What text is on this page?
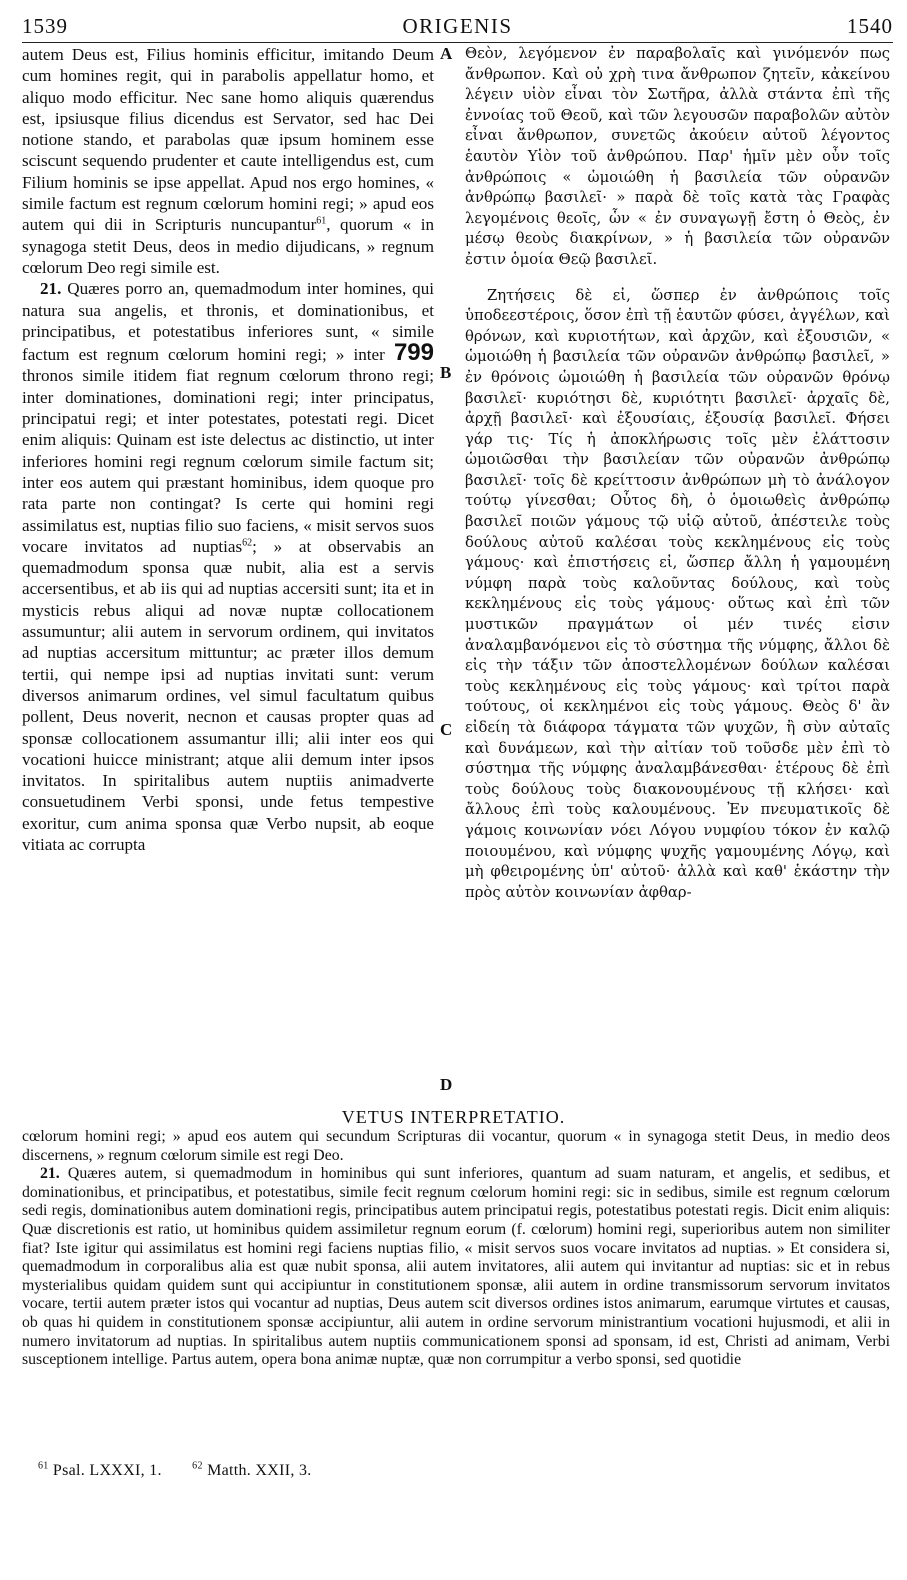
ORIGENIS
1539	1540

autem Deus est, Filius hominis efficitur, imitando Deum cum homines regit, qui in parabolis appellatur homo, et aliquo modo efficitur. Nec sane homo aliquis quærendus est, ipsiusque filius dicendus est Servator, sed hac Dei notione stando, et parabolas quæ ipsum hominem esse sciscunt sequendo prudenter et caute intelligendus est, cum Filium hominis se ipse appellat. Apud nos ergo homines, « simile factum est regnum cœlorum homini regi; » apud eos autem qui dii in Scripturis nuncupantur$^{61}$, quorum « in synagoga stetit Deus, deos in medio dijudicans, » regnum cœlorum Deo regi simile est.

21. Quæres porro an, quemadmodum inter homines, qui natura sua angelis, et thronis, et dominationibus, et principatibus, et potestatibus inferiores sunt, « simile factum est regnum cœlorum homini regi; » inter 799 thronos simile itidem fiat regnum cœlorum throno regi; inter dominationes, dominationi regi; inter principatus, principatui regi; et inter potestates, potestati regi. Dicet enim aliquis: Quinam est iste delectus ac distinctio, ut inter inferiores homini regi regnum cœlorum simile factum sit; inter eos autem qui præstant hominibus, idem quoque pro rata parte non contingat? Is certe qui homini regi assimilatus est, nuptias filio suo faciens, « misit servos suos vocare invitatos ad nuptias$^{62}$; » at observabis an quemadmodum sponsa quæ nubit, alia est a servis accersentibus, et ab iis qui ad nuptias accersiti sunt; ita et in mysticis rebus aliqui ad novæ nuptæ collocationem assumuntur; alii autem in servorum ordinem, qui invitatos ad nuptias accersitum mittuntur; ac præter illos demum tertii, qui nempe ipsi ad nuptias invitati sunt: verum diversos animarum ordines, vel simul facultatum quibus pollent, Deus noverit, necnon et causas propter quas ad sponsæ collocationem assumantur illi; alii inter eos qui vocationi huicce ministrant; atque alii demum inter ipsos invitatos. In spiritalibus autem nuptiis animadverte consuetudinem Verbi sponsi, unde fetus tempestive exoritur, cum anima sponsa quæ Verbo nupsit, ab eoque vitiata ac corrupta

A
B
C
D

Θεὸν, λεγόμενον ἐν παραβολαῖς καὶ γινόμενόν πως ἄνθρωπον. Καὶ οὐ χρὴ τινα ἄνθρωπον ζητεῖν, κἀκείνου λέγειν υἱὸν εἶναι τὸν Σωτῆρα, ἀλλὰ στάντα ἐπὶ τῆς ἐννοίας τοῦ Θεοῦ, καὶ τῶν λεγουσῶν παραβολῶν αὐτὸν εἶναι ἄνθρωπον, συνετῶς ἀκούειν αὐτοῦ λέγοντος ἑαυτὸν Υἱὸν τοῦ ἀνθρώπου. Παρ' ἡμῖν μὲν οὖν τοῖς ἀνθρώποις « ὡμοιώθη ἡ βασιλεία τῶν οὐρανῶν ἀνθρώπῳ βασιλεῖ· » παρὰ δὲ τοῖς κατὰ τὰς Γραφὰς λεγομένοις θεοῖς, ὧν « ἐν συναγωγῇ ἔστη ὁ Θεὸς, ἐν μέσῳ θεοὺς διακρίνων, » ἡ βασιλεία τῶν οὐρανῶν ἐστιν ὁμοία Θεῷ βασιλεῖ.

Ζητήσεις δὲ εἰ, ὥσπερ ἐν ἀνθρώποις τοῖς ὑποδεεστέροις, ὅσον ἐπὶ τῇ ἑαυτῶν φύσει, ἀγγέλων, καὶ θρόνων, καὶ κυριοτήτων, καὶ ἀρχῶν, καὶ ἐξουσιῶν, « ὡμοιώθη ἡ βασιλεία τῶν οὐρανῶν ἀνθρώπῳ βασιλεῖ, » ἐν θρόνοις ὡμοιώθη ἡ βασιλεία τῶν οὐρανῶν θρόνῳ βασιλεῖ· κυριότησι δὲ, κυριότητι βασιλεῖ· ἀρχαῖς δὲ, ἀρχῇ βασιλεῖ· καὶ ἐξουσίαις, ἐξουσίᾳ βασιλεῖ. Φήσει γάρ τις· Τίς ἡ ἀποκλήρωσις τοῖς μὲν ἐλάττοσιν ὡμοιῶσθαι τὴν βασιλείαν τῶν οὐρανῶν ἀνθρώπῳ βασιλεῖ· τοῖς δὲ κρείττοσιν ἀνθρώπων μὴ τὸ ἀνάλογον τούτῳ γίνεσθαι; Οὗτος δὴ, ὁ ὁμοιωθεὶς ἀνθρώπῳ βασιλεῖ ποιῶν γάμους τῷ υἱῷ αὐτοῦ, ἀπέστειλε τοὺς δούλους αὐτοῦ καλέσαι τοὺς κεκλημένους εἰς τοὺς γάμους· καὶ ἐπιστήσεις εἰ, ὥσπερ ἄλλη ἡ γαμουμένη νύμφη παρὰ τοὺς καλοῦντας δούλους, καὶ τοὺς κεκλημένους εἰς τοὺς γάμους· οὕτως καὶ ἐπὶ τῶν μυστικῶν πραγμάτων οἱ μέν τινές εἰσιν ἀναλαμβανόμενοι εἰς τὸ σύστημα τῆς νύμφης, ἄλλοι δὲ εἰς τὴν τάξιν τῶν ἀποστελλομένων δούλων καλέσαι τοὺς κεκλημένους εἰς τοὺς γάμους· καὶ τρίτοι παρὰ τούτους, οἱ κεκλημένοι εἰς τοὺς γάμους. Θεὸς δ' ἂν εἰδείη τὰ διάφορα τάγματα τῶν ψυχῶν, ἢ σὺν αὐταῖς καὶ δυνάμεων, καὶ τὴν αἰτίαν τοῦ τοῦσδε μὲν ἐπὶ τὸ σύστημα τῆς νύμφης ἀναλαμβάνεσθαι· ἑτέρους δὲ ἐπὶ τοὺς δούλους τοὺς διακονουμένους τῇ κλήσει· καὶ ἄλλους ἐπὶ τοὺς καλουμένους. Ἐν πνευματικοῖς δὲ γάμοις κοινωνίαν νόει Λόγου νυμφίου τόκον ἐν καλῷ ποιουμένου, καὶ νύμφης ψυχῆς γαμουμένης Λόγῳ, καὶ μὴ φθειρομένης ὑπ' αὐτοῦ· ἀλλὰ καὶ καθ' ἑκάστην τὴν πρὸς αὐτὸν κοινωνίαν ἀφθαρ-

VETUS INTERPRETATIO.

cœlorum homini regi; » apud eos autem qui secundum Scripturas dii vocantur, quorum « in synagoga stetit Deus, in medio deos discernens, » regnum cœlorum simile est regi Deo.

21. Quæres autem, si quemadmodum in hominibus qui sunt inferiores, quantum ad suam naturam, et angelis, et sedibus, et dominationibus, et principatibus, et potestatibus, simile fecit regnum cœlorum homini regi: sic in sedibus, simile est regnum cœlorum sedi regis, dominationibus autem dominationi regis, principatibus autem principatui regis, potestatibus potestati regis. Dicit enim aliquis: Quæ discretionis est ratio, ut hominibus quidem assimiletur regnum eorum (f. cœlorum) homini regi, superioribus autem non similiter fiat? Iste igitur qui assimilatus est homini regi faciens nuptias filio, « misit servos suos vocare invitatos ad nuptias. » Et considera si, quemadmodum in corporalibus alia est quæ nubit sponsa, alii autem invitatores, alii autem qui invitantur ad nuptias: sic et in rebus mysterialibus quidam quidem sunt qui accipiuntur in constitutionem sponsæ, alii autem in ordine transmissorum servorum invitatos vocare, tertii autem præter istos qui vocantur ad nuptias, Deus autem scit diversos ordines istos animarum, earumque virtutes et causas, ob quas hi quidem in constitutionem sponsæ accipiuntur, alii autem in ordine servorum ministrantium vocationi hujusmodi, et alii in numero invitatorum ad nuptias. In spiritalibus autem nuptiis communicationem sponsi ad sponsam, id est, Christi ad animam, Verbi susceptionem intellige. Partus autem, opera bona animæ nuptæ, quæ non corrumpitur a verbo sponsi, sed quotidie

$^{61}$ Psal. LXXXI, 1.	$^{62}$ Matth. XXII, 3.
